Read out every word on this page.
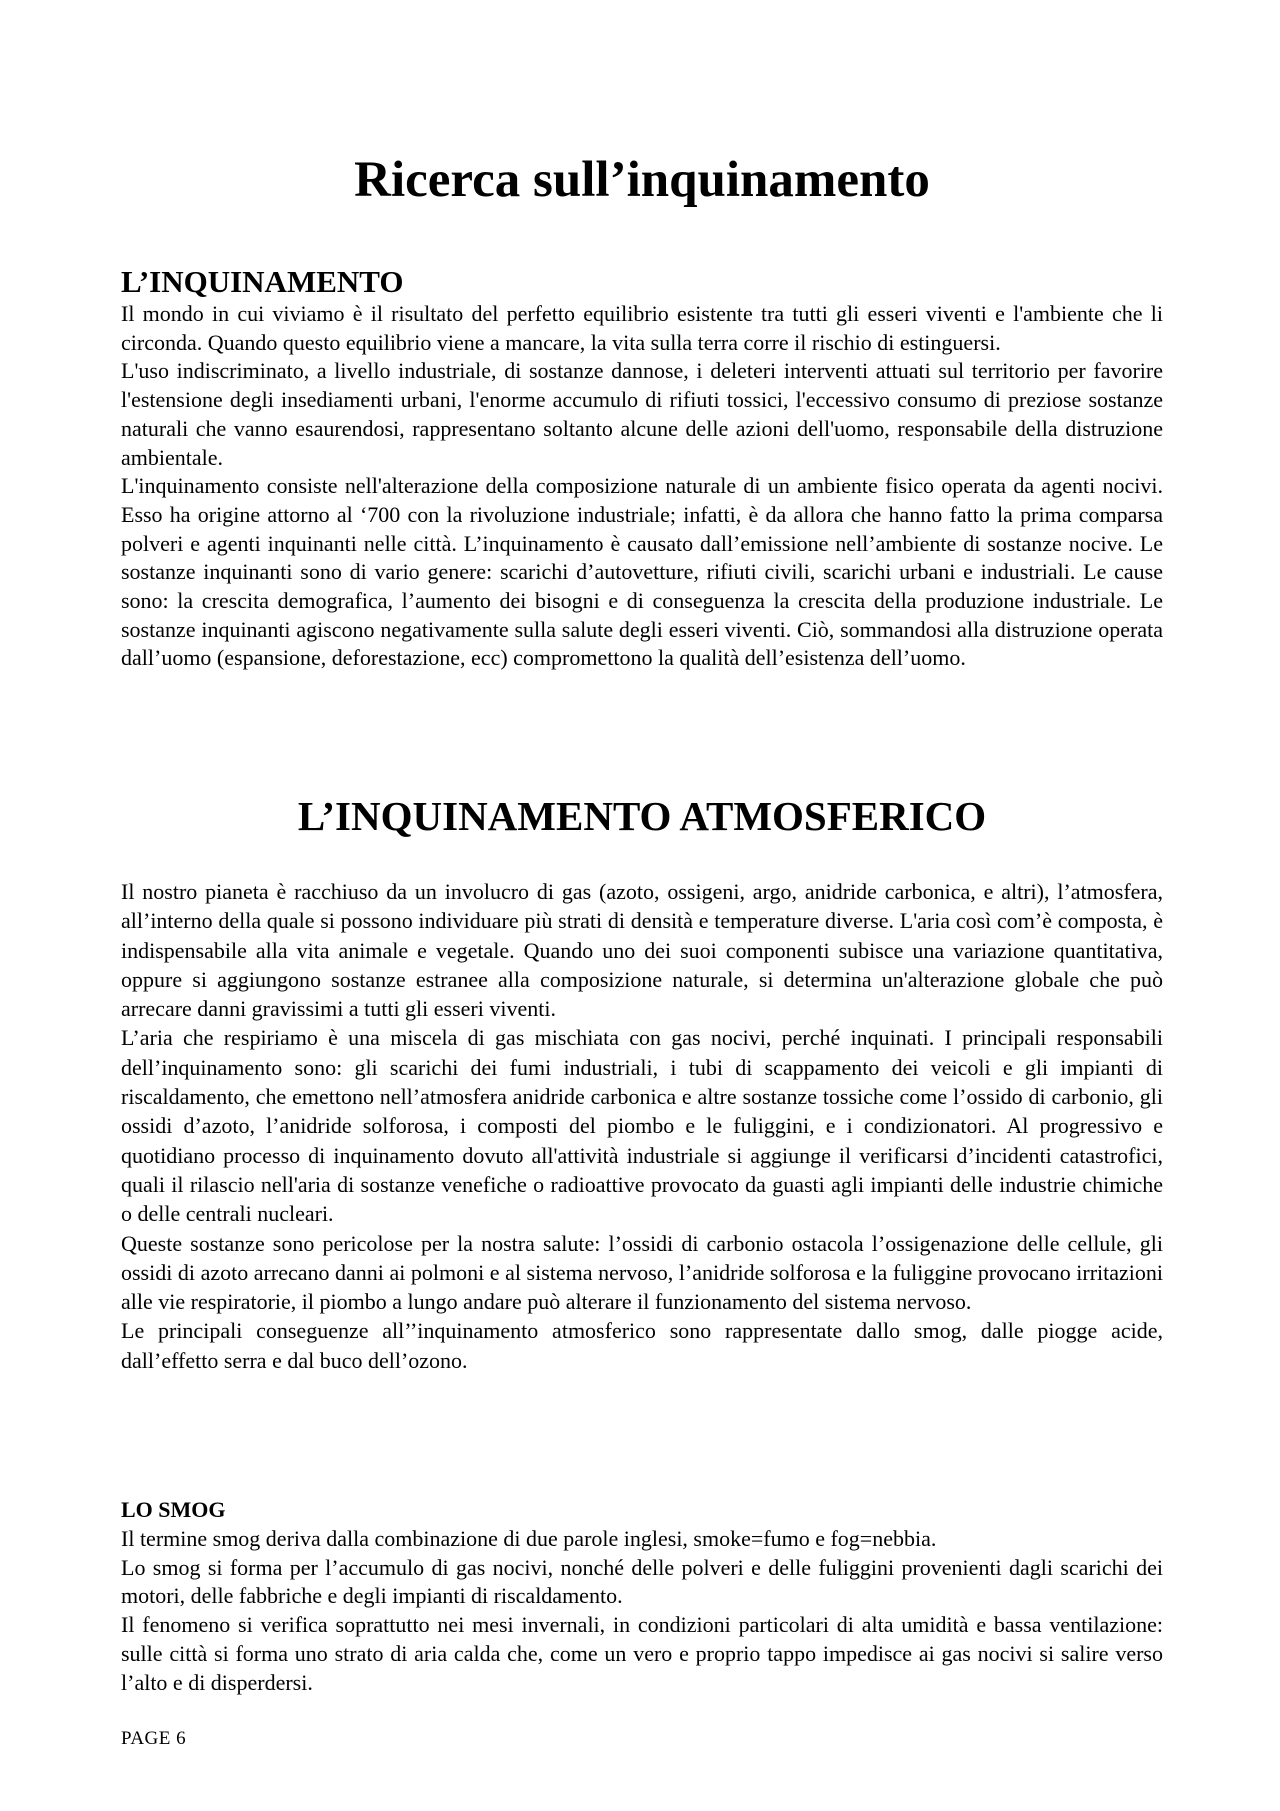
Ricerca sull’inquinamento
L’INQUINAMENTO

Il mondo in cui viviamo è il risultato del perfetto equilibrio esistente tra tutti gli esseri viventi e l'ambiente che li circonda. Quando questo equilibrio viene a mancare, la vita sulla terra corre il rischio di estinguersi.

L'uso indiscriminato, a livello industriale, di sostanze dannose, i deleteri interventi attuati sul territorio per favorire l'estensione degli insediamenti urbani, l'enorme accumulo di rifiuti tossici, l'eccessivo consumo di preziose sostanze naturali che vanno esaurendosi, rappresentano soltanto alcune delle azioni dell'uomo, responsabile della distruzione ambientale.

L'inquinamento consiste nell'alterazione della composizione naturale di un ambiente fisico operata da agenti nocivi. Esso ha origine attorno al ‘700 con la rivoluzione industriale; infatti, è da allora che hanno fatto la prima comparsa polveri e agenti inquinanti nelle città. L’inquinamento è causato dall’emissione nell’ambiente di sostanze nocive. Le sostanze inquinanti sono di vario genere: scarichi d’autovetture, rifiuti civili, scarichi urbani e industriali. Le cause sono: la crescita demografica, l’aumento dei bisogni e di conseguenza la crescita della produzione industriale. Le sostanze inquinanti agiscono negativamente sulla salute degli esseri viventi. Ciò, sommandosi alla distruzione operata dall’uomo (espansione, deforestazione, ecc) compromettono la qualità dell’esistenza dell’uomo.

L’INQUINAMENTO ATMOSFERICO

Il nostro pianeta è racchiuso da un involucro di gas (azoto, ossigeni, argo, anidride carbonica, e altri), l’atmosfera, all’interno della quale si possono individuare più strati di densità e temperature diverse. L'aria così com’è composta, è indispensabile alla vita animale e vegetale. Quando uno dei suoi componenti subisce una variazione quantitativa, oppure si aggiungono sostanze estranee alla composizione naturale, si determina un'alterazione globale che può arrecare danni gravissimi a tutti gli esseri viventi.

L’aria che respiriamo è una miscela di gas mischiata con gas nocivi, perché inquinati. I principali responsabili dell’inquinamento sono: gli scarichi dei fumi industriali, i tubi di scappamento dei veicoli e gli impianti di riscaldamento, che emettono nell’atmosfera anidride carbonica e altre sostanze tossiche come l’ossido di carbonio, gli ossidi d’azoto, l’anidride solforosa, i composti del piombo e le fuliggini, e i condizionatori. Al progressivo e quotidiano processo di inquinamento dovuto all'attività industriale si aggiunge il verificarsi d’incidenti catastrofici, quali il rilascio nell'aria di sostanze venefiche o radioattive provocato da guasti agli impianti delle industrie chimiche o delle centrali nucleari.

Queste sostanze sono pericolose per la nostra salute: l’ossidi di carbonio ostacola l’ossigenazione delle cellule, gli ossidi di azoto arrecano danni ai polmoni e al sistema nervoso, l’anidride solforosa e la fuliggine provocano irritazioni alle vie respiratorie, il piombo a lungo andare può alterare il funzionamento del sistema nervoso.

Le principali conseguenze all’’inquinamento atmosferico sono rappresentate dallo smog, dalle piogge acide, dall’effetto serra e dal buco dell’ozono.

LO SMOG

Il termine smog deriva dalla combinazione di due parole inglesi, smoke=fumo e fog=nebbia.

Lo smog si forma per l’accumulo di gas nocivi, nonché delle polveri e delle fuliggini provenienti dagli scarichi dei motori, delle fabbriche e degli impianti di riscaldamento.

Il fenomeno si verifica soprattutto nei mesi invernali, in condizioni particolari di alta umidità e bassa ventilazione: sulle città si forma uno strato di aria calda che, come un vero e proprio tappo impedisce ai gas nocivi si salire verso l’alto e di disperdersi.

PAGE 6
